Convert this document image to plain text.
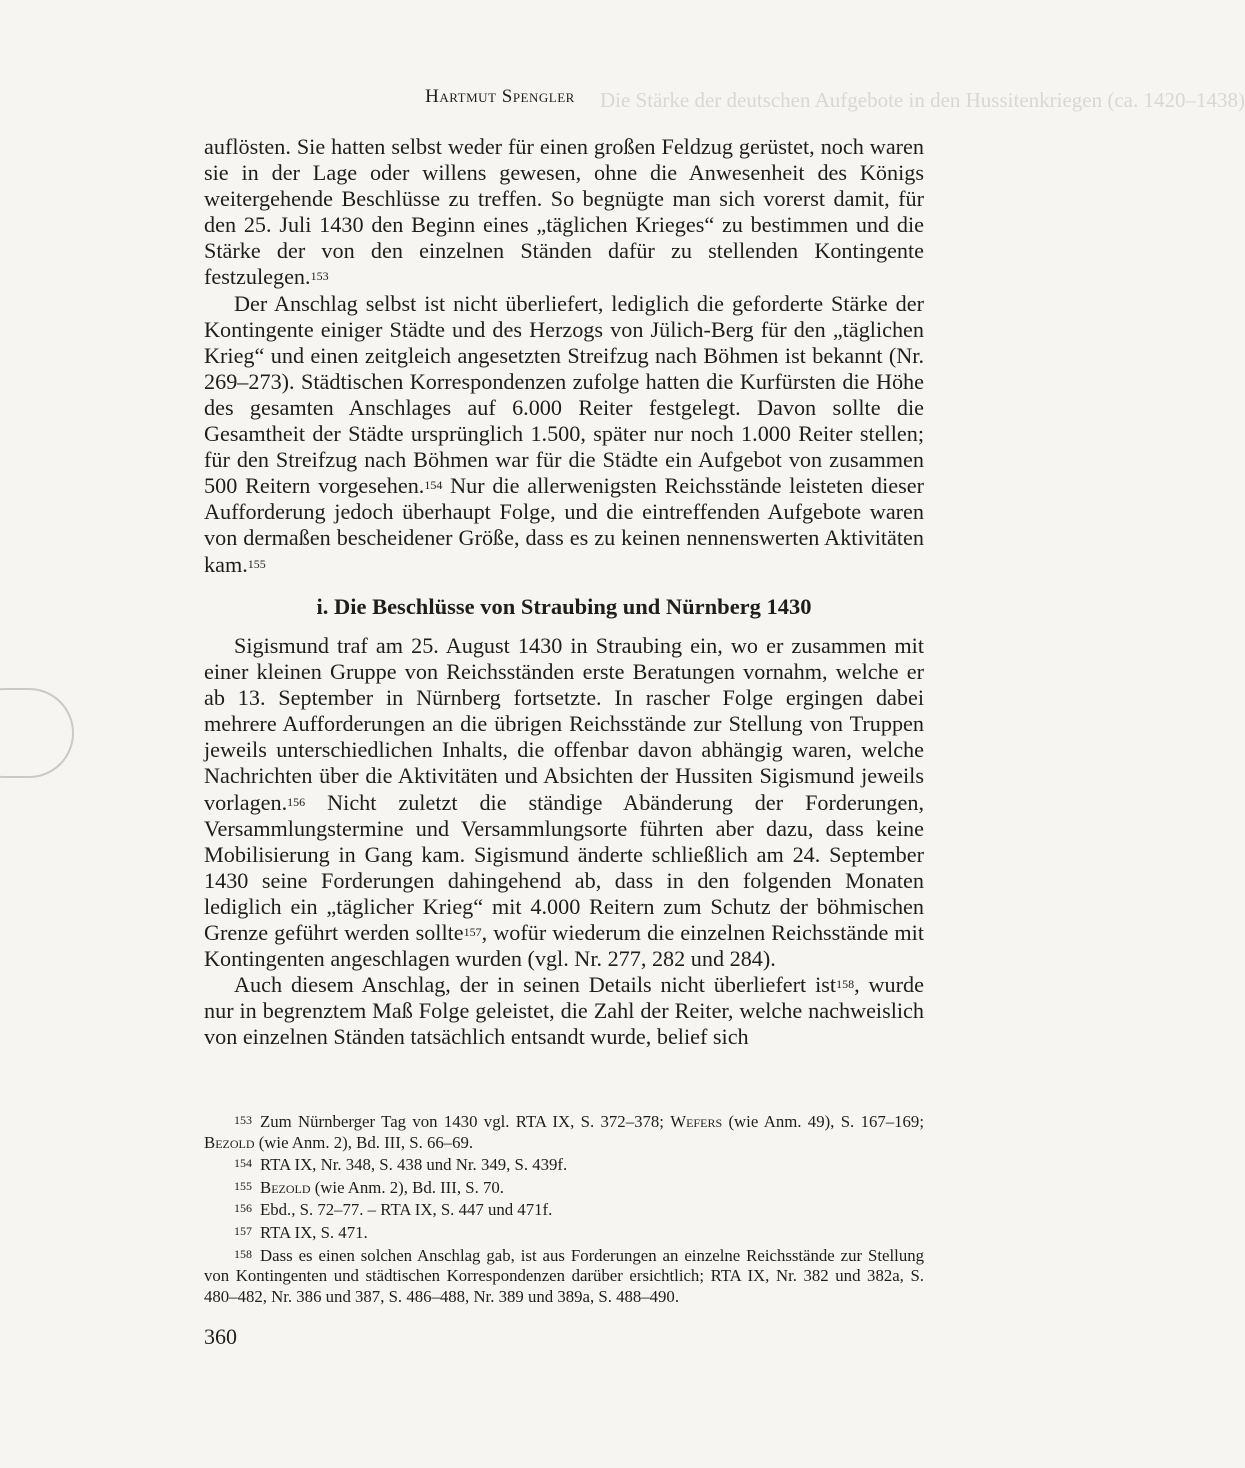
Die Stärke der deutschen Aufgebote in den Hussitenkriegen (ca. 1420–1438)
Hartmut Spengler

auflösten. Sie hatten selbst weder für einen großen Feldzug gerüstet, noch waren sie in der Lage oder willens gewesen, ohne die Anwesenheit des Königs weitergehende Beschlüsse zu treffen. So begnügte man sich vorerst damit, für den 25. Juli 1430 den Beginn eines „täglichen Krieges“ zu bestimmen und die Stärke der von den einzelnen Ständen dafür zu stellenden Kontingente festzulegen.$^{153}$

Der Anschlag selbst ist nicht überliefert, lediglich die geforderte Stärke der Kontingente einiger Städte und des Herzogs von Jülich-Berg für den „täglichen Krieg“ und einen zeitgleich angesetzten Streifzug nach Böhmen ist bekannt (Nr. 269–273). Städtischen Korrespondenzen zufolge hatten die Kurfürsten die Höhe des gesamten Anschlages auf 6.000 Reiter festgelegt. Davon sollte die Gesamtheit der Städte ursprünglich 1.500, später nur noch 1.000 Reiter stellen; für den Streifzug nach Böhmen war für die Städte ein Aufgebot von zusammen 500 Reitern vorgesehen.$^{154}$ Nur die allerwenigsten Reichsstände leisteten dieser Aufforderung jedoch überhaupt Folge, und die eintreffenden Aufgebote waren von dermaßen bescheidener Größe, dass es zu keinen nennenswerten Aktivitäten kam.$^{155}$

i. Die Beschlüsse von Straubing und Nürnberg 1430

Sigismund traf am 25. August 1430 in Straubing ein, wo er zusammen mit einer kleinen Gruppe von Reichsständen erste Beratungen vornahm, welche er ab 13. September in Nürnberg fortsetzte. In rascher Folge ergingen dabei mehrere Aufforderungen an die übrigen Reichsstände zur Stellung von Truppen jeweils unterschiedlichen Inhalts, die offenbar davon abhängig waren, welche Nachrichten über die Aktivitäten und Absichten der Hussiten Sigismund jeweils vorlagen.$^{156}$ Nicht zuletzt die ständige Abänderung der Forderungen, Versammlungstermine und Versammlungsorte führten aber dazu, dass keine Mobilisierung in Gang kam. Sigismund änderte schließlich am 24. September 1430 seine Forderungen dahingehend ab, dass in den folgenden Monaten lediglich ein „täglicher Krieg“ mit 4.000 Reitern zum Schutz der böhmischen Grenze geführt werden sollte$^{157}$, wofür wiederum die einzelnen Reichsstände mit Kontingenten angeschlagen wurden (vgl. Nr. 277, 282 und 284).

Auch diesem Anschlag, der in seinen Details nicht überliefert ist$^{158}$, wurde nur in begrenztem Maß Folge geleistet, die Zahl der Reiter, welche nachweislich von einzelnen Ständen tatsächlich entsandt wurde, belief sich

153 Zum Nürnberger Tag von 1430 vgl. RTA IX, S. 372–378; Wefers (wie Anm. 49), S. 167–169; Bezold (wie Anm. 2), Bd. III, S. 66–69.

154 RTA IX, Nr. 348, S. 438 und Nr. 349, S. 439f.

155 Bezold (wie Anm. 2), Bd. III, S. 70.

156 Ebd., S. 72–77. – RTA IX, S. 447 und 471f.

157 RTA IX, S. 471.

158 Dass es einen solchen Anschlag gab, ist aus Forderungen an einzelne Reichsstände zur Stellung von Kontingenten und städtischen Korrespondenzen darüber ersichtlich; RTA IX, Nr. 382 und 382a, S. 480–482, Nr. 386 und 387, S. 486–488, Nr. 389 und 389a, S. 488–490.

360
